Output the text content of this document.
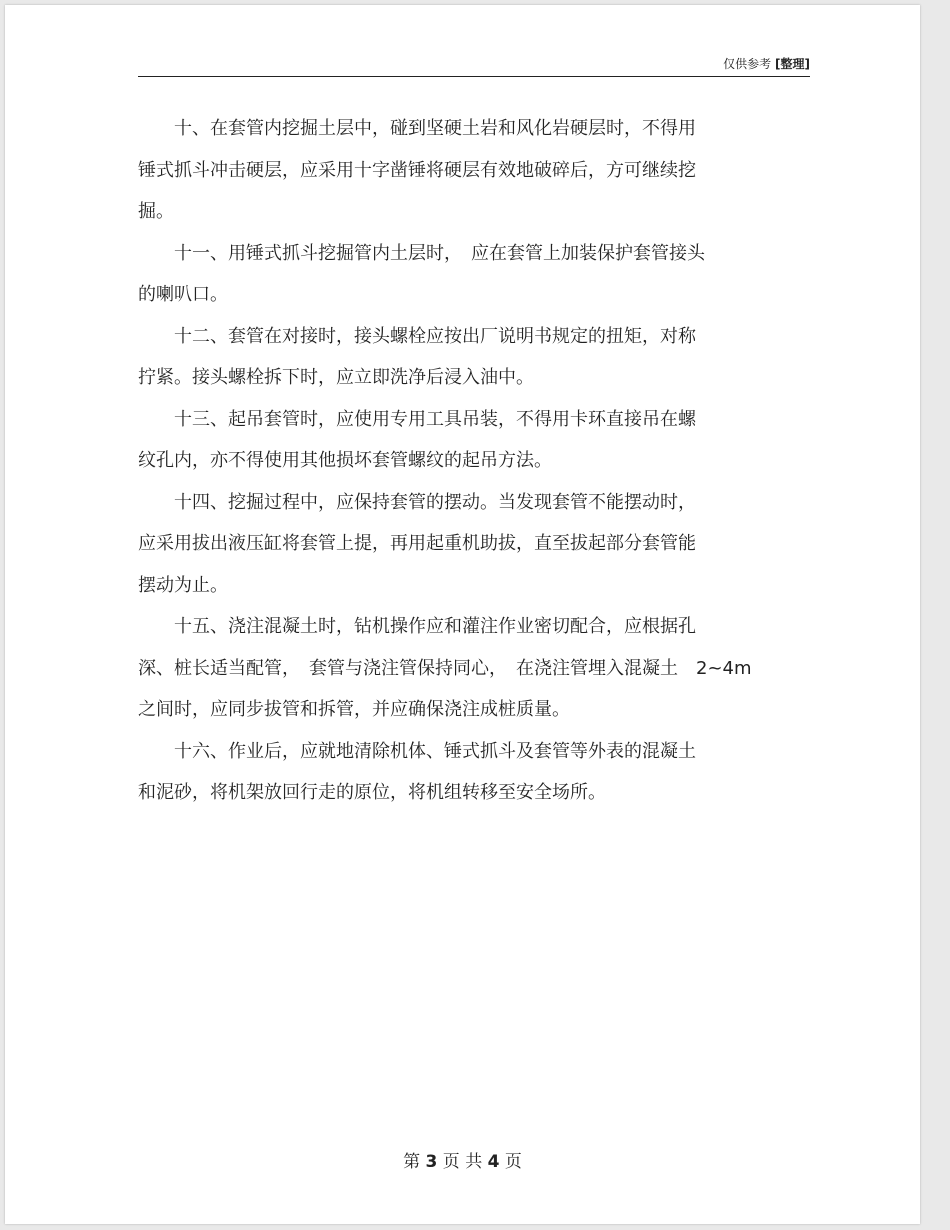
仅供参考 [整理]
十、在套管内挖掘土层中，碰到坚硬土岩和风化岩硬层时，不得用
锤式抓斗冲击硬层，应采用十字凿锤将硬层有效地破碎后，方可继续挖
掘。
十一、用锤式抓斗挖掘管内土层时，　应在套管上加装保护套管接头
的喇叭口。
十二、套管在对接时，接头螺栓应按出厂说明书规定的扭矩，对称
拧紧。接头螺栓拆下时，应立即洗净后浸入油中。
十三、起吊套管时，应使用专用工具吊装，不得用卡环直接吊在螺
纹孔内，亦不得使用其他损坏套管螺纹的起吊方法。
十四、挖掘过程中，应保持套管的摆动。当发现套管不能摆动时，
应采用拔出液压缸将套管上提，再用起重机助拔，直至拔起部分套管能
摆动为止。
十五、浇注混凝土时，钻机操作应和灌注作业密切配合，应根据孔
深、桩长适当配管，　套管与浇注管保持同心，　在浇注管埋入混凝土　2~4m
之间时，应同步拔管和拆管，并应确保浇注成桩质量。
十六、作业后，应就地清除机体、锤式抓斗及套管等外表的混凝土
和泥砂，将机架放回行走的原位，将机组转移至安全场所。
第 3 页 共 4 页
